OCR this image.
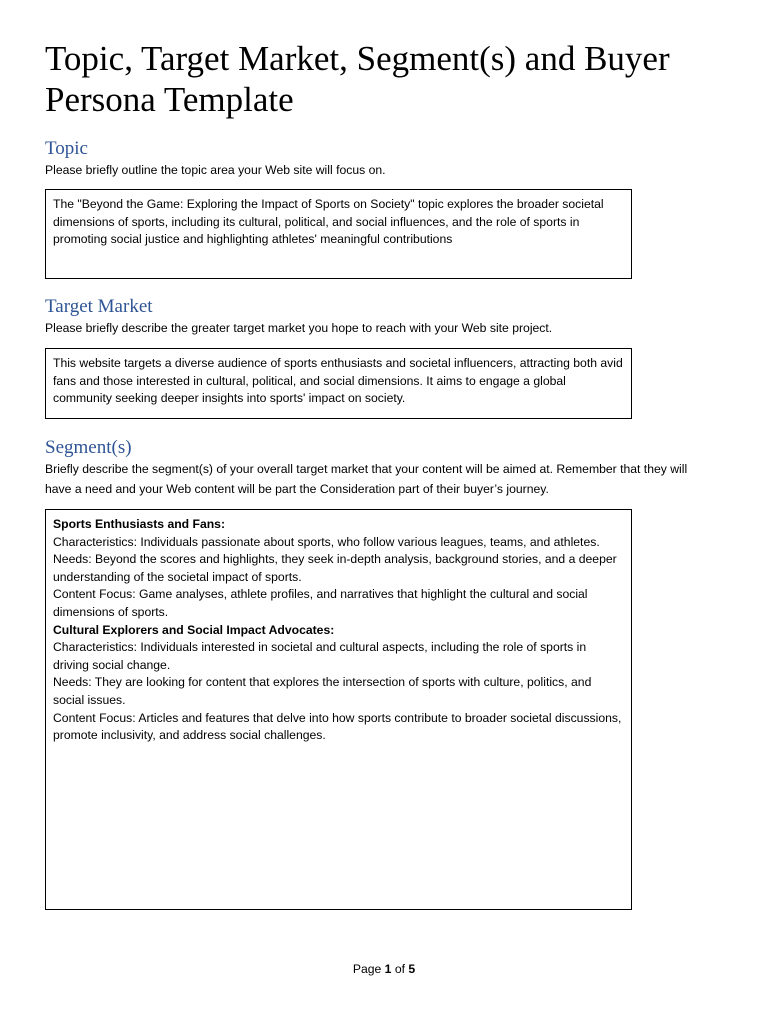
Topic, Target Market, Segment(s) and Buyer Persona Template
Topic

Please briefly outline the topic area your Web site will focus on.

The "Beyond the Game: Exploring the Impact of Sports on Society" topic explores the broader societal dimensions of sports, including its cultural, political, and social influences, and the role of sports in promoting social justice and highlighting athletes' meaningful contributions

Target Market

Please briefly describe the greater target market you hope to reach with your Web site project.

This website targets a diverse audience of sports enthusiasts and societal influencers, attracting both avid fans and those interested in cultural, political, and social dimensions. It aims to engage a global community seeking deeper insights into sports' impact on society.

Segment(s)

Briefly describe the segment(s) of your overall target market that your content will be aimed at. Remember that they will have a need and your Web content will be part the Consideration part of their buyer’s journey.

Sports Enthusiasts and Fans:

Characteristics: Individuals passionate about sports, who follow various leagues, teams, and athletes.

Needs: Beyond the scores and highlights, they seek in-depth analysis, background stories, and a deeper understanding of the societal impact of sports.

Content Focus: Game analyses, athlete profiles, and narratives that highlight the cultural and social dimensions of sports.

Cultural Explorers and Social Impact Advocates:

Characteristics: Individuals interested in societal and cultural aspects, including the role of sports in driving social change.

Needs: They are looking for content that explores the intersection of sports with culture, politics, and social issues.

Content Focus: Articles and features that delve into how sports contribute to broader societal discussions, promote inclusivity, and address social challenges.

Page 1 of 5
